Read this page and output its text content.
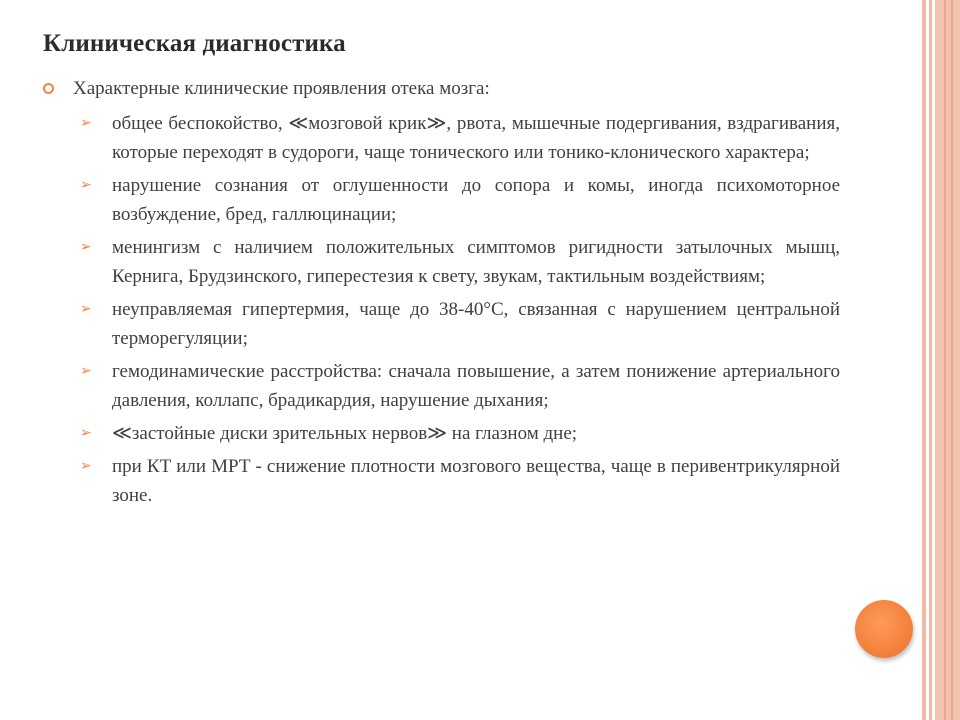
Клиническая диагностика
Характерные клинические проявления отека мозга:
➢ общее беспокойство, ≪мозговой крик≫, рвота, мышечные подергивания, вздрагивания, которые переходят в судороги, чаще тонического или тонико-клонического характера;
➢ нарушение сознания от оглушенности до сопора и комы, иногда психомоторное возбуждение, бред, галлюцинации;
➢ менингизм с наличием положительных симптомов ригидности затылочных мышц, Кернига, Брудзинского, гиперестезия к свету, звукам, тактильным воздействиям;
➢ неуправляемая гипертермия, чаще до 38-40°С, связанная с нарушением центральной терморегуляции;
➢ гемодинамические расстройства: сначала повышение, а затем понижение артериального давления, коллапс, брадикардия, нарушение дыхания;
➢ ≪застойные диски зрительных нервов≫ на глазном дне;
➢ при КТ или МРТ - снижение плотности мозгового вещества, чаще в перивентрикулярной зоне.
